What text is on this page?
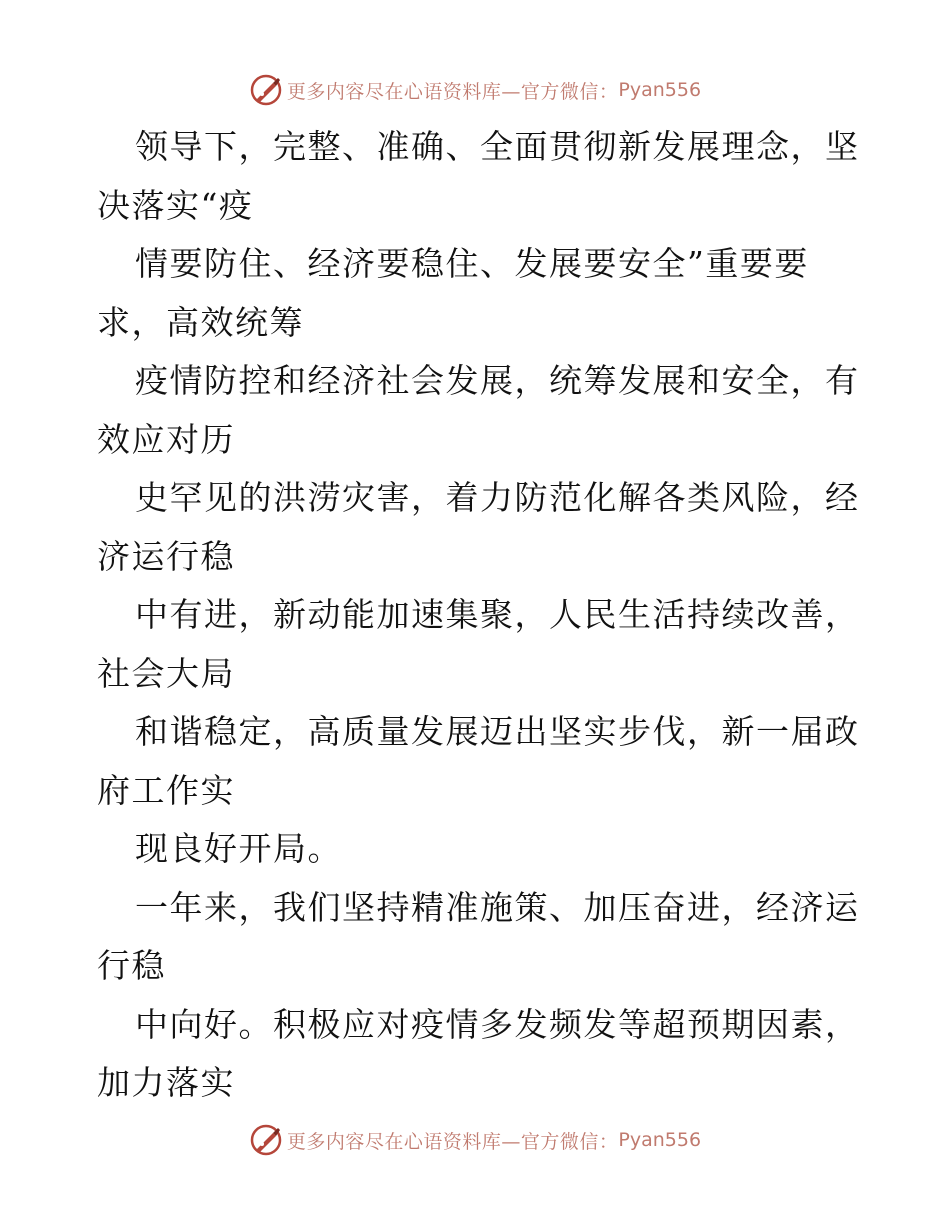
更多内容尽在心语资料库—官方微信： Pyan556
领导下，完整、准确、全面贯彻新发展理念，坚
决落实“疫
情要防住、经济要稳住、发展要安全”重要要
求，高效统筹
疫情防控和经济社会发展，统筹发展和安全，有
效应对历
史罕见的洪涝灾害，着力防范化解各类风险，经
济运行稳
中有进，新动能加速集聚，人民生活持续改善，
社会大局
和谐稳定，高质量发展迈出坚实步伐，新一届政
府工作实
现良好开局。
一年来，我们坚持精准施策、加压奋进，经济运
行稳
中向好。积极应对疫情多发频发等超预期因素，
加力落实
更多内容尽在心语资料库—官方微信： Pyan556
